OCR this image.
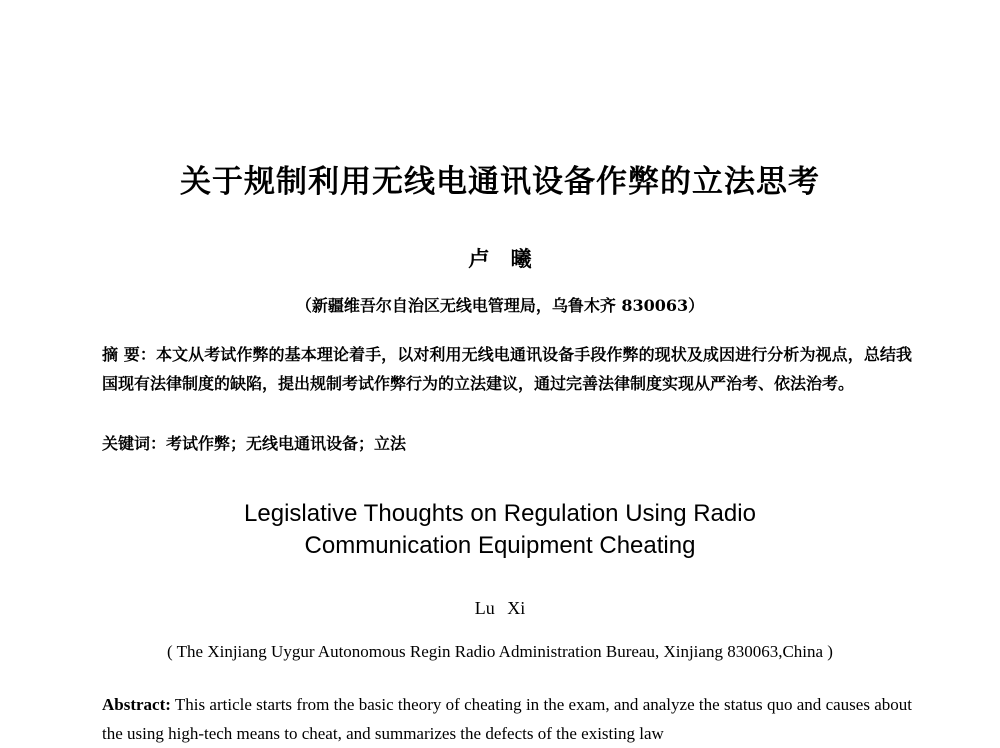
关于规制利用无线电通讯设备作弊的立法思考
卢 曦
（新疆维吾尔自治区无线电管理局，乌鲁木齐 830063）
摘 要：本文从考试作弊的基本理论着手，以对利用无线电通讯设备手段作弊的现状及成因进行分析为视点，总结我国现有法律制度的缺陷，提出规制考试作弊行为的立法建议，通过完善法律制度实现从严治考、依法治考。
关键词：考试作弊；无线电通讯设备；立法
Legislative Thoughts on Regulation Using Radio
Communication Equipment Cheating
Lu Xi
( The Xinjiang Uygur Autonomous Regin Radio Administration Bureau, Xinjiang 830063,China )
Abstract: This article starts from the basic theory of cheating in the exam, and analyze the status quo and causes about the using high-tech means to cheat, and summarizes the defects of the existing law
